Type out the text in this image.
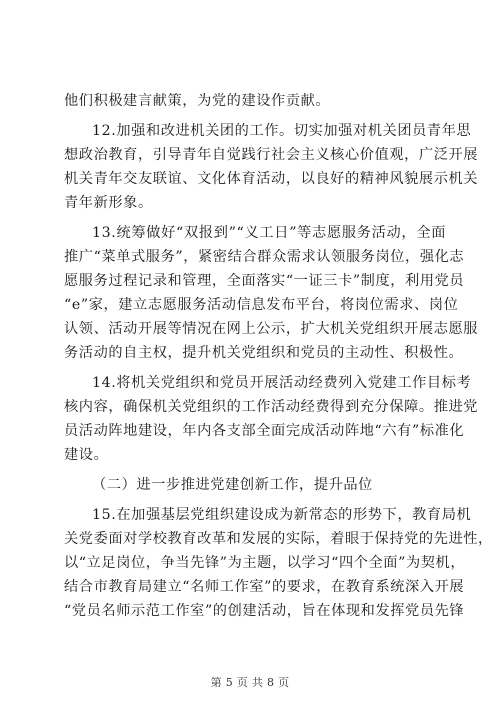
他们积极建言献策，为党的建设作贡献。
12.加强和改进机关团的工作。切实加强对机关团员青年思
想政治教育，引导青年自觉践行社会主义核心价值观，广泛开展
机关青年交友联谊、文化体育活动，以良好的精神风貌展示机关
青年新形象。
13.统筹做好“双报到”“义工日”等志愿服务活动，全面
推广“菜单式服务”，紧密结合群众需求认领服务岗位，强化志
愿服务过程记录和管理，全面落实“一证三卡”制度，利用党员
“e”家，建立志愿服务活动信息发布平台，将岗位需求、岗位
认领、活动开展等情况在网上公示，扩大机关党组织开展志愿服
务活动的自主权，提升机关党组织和党员的主动性、积极性。
14.将机关党组织和党员开展活动经费列入党建工作目标考
核内容，确保机关党组织的工作活动经费得到充分保障。推进党
员活动阵地建设，年内各支部全面完成活动阵地“六有”标准化
建设。
（二）进一步推进党建创新工作，提升品位
15.在加强基层党组织建设成为新常态的形势下，教育局机
关党委面对学校教育改革和发展的实际，着眼于保持党的先进性，
以“立足岗位，争当先锋”为主题，以学习“四个全面”为契机，
结合市教育局建立“名师工作室”的要求，在教育系统深入开展
“党员名师示范工作室”的创建活动，旨在体现和发挥党员先锋
第 5 页 共 8 页
